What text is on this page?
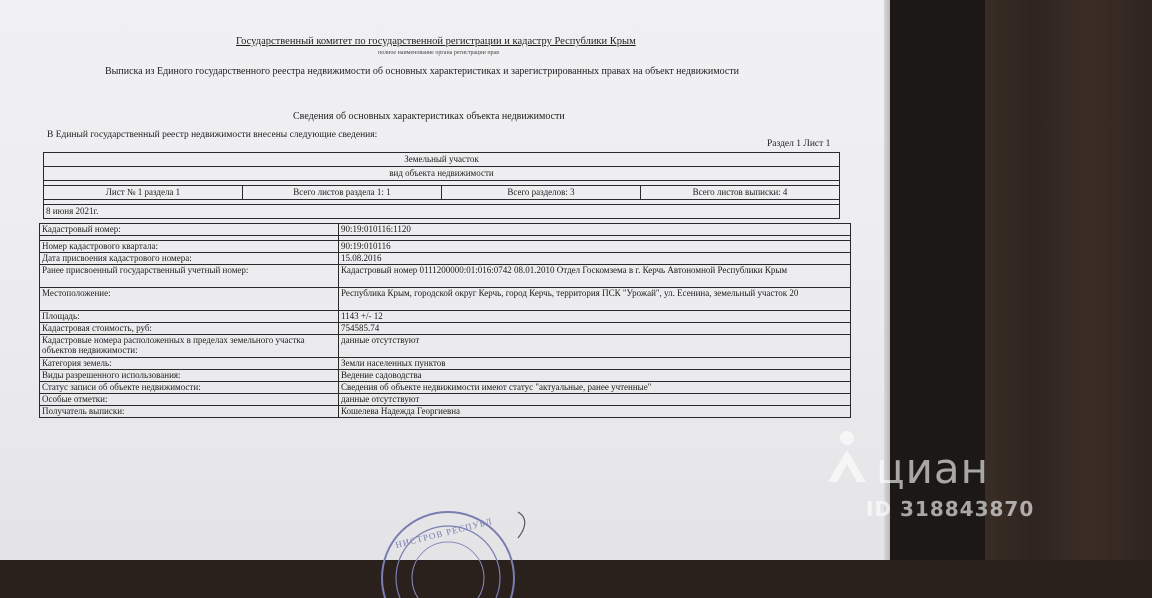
Государственный комитет по государственной регистрации и кадастру Республики Крым
полное наименование органа регистрации прав
Выписка из Единого государственного реестра недвижимости об основных характеристиках и зарегистрированных правах на объект недвижимости
Сведения об основных характеристиках объекта недвижимости
В Единый государственный реестр недвижимости внесены следующие сведения:
Раздел 1 Лист 1
Земельный участок
вид объекта недвижимости
Лист № 1 раздела 1	Всего листов раздела 1: 1	Всего разделов: 3	Всего листов выписки: 4
8 июня 2021г.
Кадастровый номер:	90:19:010116:1120

Номер кадастрового квартала:	90:19:010116
Дата присвоения кадастрового номера:	15.08.2016
Ранее присвоенный государственный учетный номер:	Кадастровый номер 0111200000:01:016:0742 08.01.2010 Отдел Госкомзема в г. Керчь Автономной Республики Крым
Местоположение:	Республика Крым, городской округ Керчь, город Керчь, территория ПСК "Урожай", ул. Есенина, земельный участок 20
Площадь:	1143 +/- 12
Кадастровая стоимость, руб:	754585.74
Кадастровые номера расположенных в пределах земельного участка объектов недвижимости:	данные отсутствуют
Категория земель:	Земли населенных пунктов
Виды разрешенного использования:	Ведение садоводства
Статус записи об объекте недвижимости:	Сведения об объекте недвижимости имеют статус "актуальные, ранее учтенные"
Особые отметки:	данные отсутствуют
Получатель выписки:	Кошелева Надежда Георгиевна
НИСТРОВ РЕСПУБЛ
циан
ID 318843870
